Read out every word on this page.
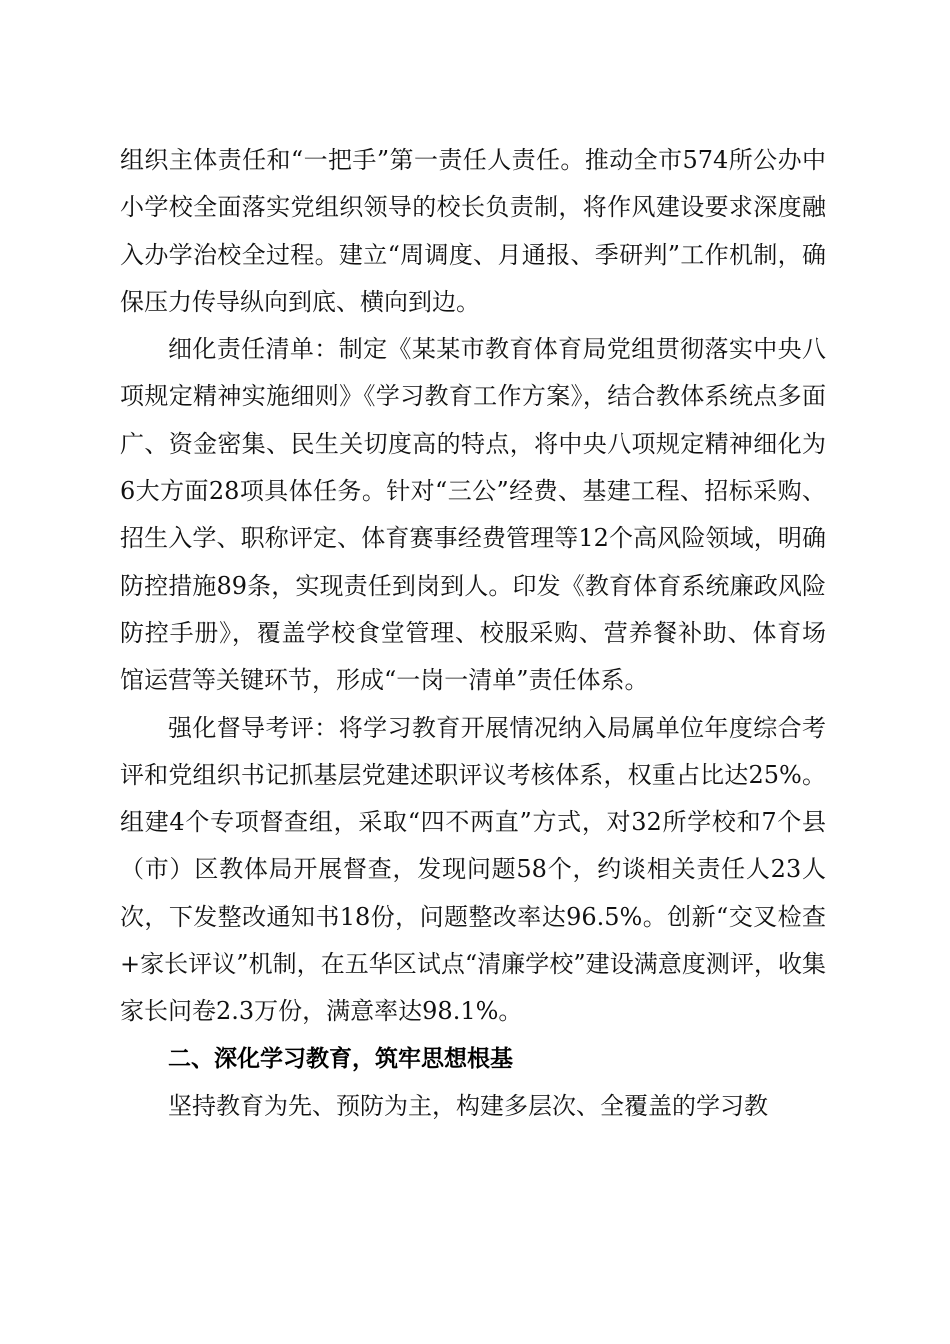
组织主体责任和“一把手”第一责任人责任。推动全市574所公办中小学校全面落实党组织领导的校长负责制，将作风建设要求深度融入办学治校全过程。建立“周调度、月通报、季研判”工作机制，确保压力传导纵向到底、横向到边。

细化责任清单：制定《某某市教育体育局党组贯彻落实中央八项规定精神实施细则》《学习教育工作方案》，结合教体系统点多面广、资金密集、民生关切度高的特点，将中央八项规定精神细化为6大方面28项具体任务。针对“三公”经费、基建工程、招标采购、招生入学、职称评定、体育赛事经费管理等12个高风险领域，明确防控措施89条，实现责任到岗到人。印发《教育体育系统廉政风险防控手册》，覆盖学校食堂管理、校服采购、营养餐补助、体育场馆运营等关键环节，形成“一岗一清单”责任体系。

强化督导考评：将学习教育开展情况纳入局属单位年度综合考评和党组织书记抓基层党建述职评议考核体系，权重占比达25%。组建4个专项督查组，采取“四不两直”方式，对32所学校和7个县（市）区教体局开展督查，发现问题58个，约谈相关责任人23人次，下发整改通知书18份，问题整改率达96.5%。创新“交叉检查+家长评议”机制，在五华区试点“清廉学校”建设满意度测评，收集家长问卷2.3万份，满意率达98.1%。

二、深化学习教育，筑牢思想根基

坚持教育为先、预防为主，构建多层次、全覆盖的学习教
